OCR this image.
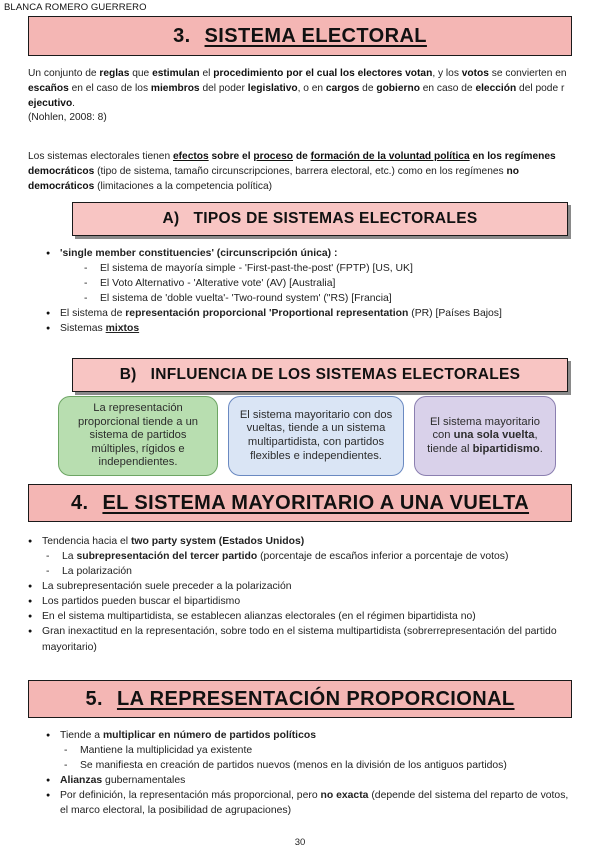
BLANCA ROMERO GUERRERO
3. SISTEMA ELECTORAL
Un conjunto de reglas que estimulan el procedimiento por el cual los electores votan, y los votos se convierten en escaños en el caso de los miembros del poder legislativo, o en cargos de gobierno en caso de elección del pode r ejecutivo.
(Nohlen, 2008: 8)
Los sistemas electorales tienen efectos sobre el proceso de formación de la voluntad política en los regímenes democráticos (tipo de sistema, tamaño circunscripciones, barrera electoral, etc.) como en los regímenes no democráticos (limitaciones a la competencia política)
A) TIPOS DE SISTEMAS ELECTORALES
● 'single member constituencies' (circunscripción única) :
- El sistema de mayoría simple - 'First-past-the-post' (FPTP) [US, UK]
- El Voto Alternativo - 'Alterative vote' (AV) [Australia]
- El sistema de 'doble vuelta'- 'Two-round system' ("RS) [Francia]
● El sistema de representación proporcional 'Proportional representation (PR) [Países Bajos]
● Sistemas mixtos
B) INFLUENCIA DE LOS SISTEMAS ELECTORALES
La representación proporcional tiende a un sistema de partidos múltiples, rígidos e independientes.
El sistema mayoritario con dos vueltas, tiende a un sistema multipartidista, con partidos flexibles e independientes.
El sistema mayoritario con una sola vuelta, tiende al bipartidismo.
4. EL SISTEMA MAYORITARIO A UNA VUELTA
● Tendencia hacia el two party system (Estados Unidos)
- La subrepresentación del tercer partido (porcentaje de escaños inferior a porcentaje de votos)
- La polarización
● La subrepresentación suele preceder a la polarización
● Los partidos pueden buscar el bipartidismo
● En el sistema multipartidista, se establecen alianzas electorales (en el régimen bipartidista no)
● Gran inexactitud en la representación, sobre todo en el sistema multipartidista (sobrerrepresentación del partido mayoritario)
5. LA REPRESENTACIÓN PROPORCIONAL
● Tiende a multiplicar en número de partidos políticos
- Mantiene la multiplicidad ya existente
- Se manifiesta en creación de partidos nuevos (menos en la división de los antiguos partidos)
● Alianzas gubernamentales
● Por definición, la representación más proporcional, pero no exacta (depende del sistema del reparto de votos, el marco electoral, la posibilidad de agrupaciones)
30
